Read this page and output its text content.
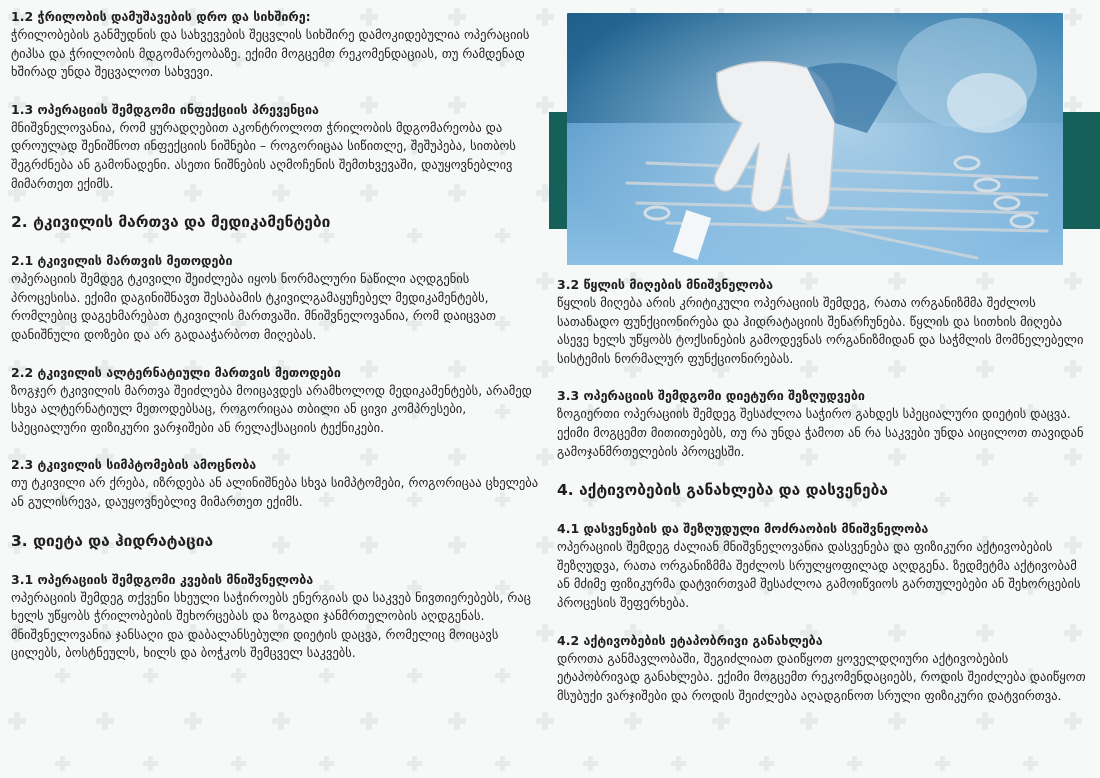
1.2 ჭრილობის დამუშავების დრო და სიხშირე:

ჭრილობების განმუდნის და სახვევების შეცვლის სიხშირე დამოკიდებულია ოპერაციის ტიპსა და ჭრილობის მდგომარეობაზე. ექიმი მოგცემთ რეკომენდაციას, თუ რამდენად ხშირად უნდა შეცვალოთ სახვევი.

1.3 ოპერაციის შემდგომი ინფექციის პრევენცია

მნიშვნელოვანია, რომ ყურადღებით აკონტროლოთ ჭრილობის მდგომარეობა და დროულად შენიშნოთ ინფექციის ნიშნები – როგორიცაა სიწითლე, შეშუპება, სითბოს შეგრძნება ან გამონადენი. ასეთი ნიშნების აღმოჩენის შემთხვევაში, დაუყოვნებლივ მიმართეთ ექიმს.

2. ტკივილის მართვა და მედიკამენტები

2.1 ტკივილის მართვის მეთოდები

ოპერაციის შემდეგ ტკივილი შეიძლება იყოს ნორმალური ნაწილი აღდგენის პროცესისა. ექიმი დაგინიშნავთ შესაბამის ტკივილგამაყუჩებელ მედიკამენტებს, რომლებიც დაგეხმარებათ ტკივილის მართვაში. მნიშვნელოვანია, რომ დაიცვათ დანიშნული დოზები და არ გადააჭარბოთ მიღებას.

2.2 ტკივილის ალტერნატიული მართვის მეთოდები

ზოგჯერ ტკივილის მართვა შეიძლება მოიცავდეს არამხოლოდ მედიკამენტებს, არამედ სხვა ალტერნატიულ მეთოდებსაც, როგორიცაა თბილი ან ცივი კომპრესები, სპეციალური ფიზიკური ვარჯიშები ან რელაქსაციის ტექნიკები.

2.3 ტკივილის სიმპტომების ამოცნობა

თუ ტკივილი არ ქრება, იზრდება ან ალინიშნება სხვა სიმპტომები, როგორიცაა ცხელება ან გულისრევა, დაუყოვნებლივ მიმართეთ ექიმს.

3. დიეტა და ჰიდრატაცია

3.1 ოპერაციის შემდგომი კვების მნიშვნელობა

ოპერაციის შემდეგ თქვენი სხეული საჭიროებს ენერგიას და საკვებ ნივთიერებებს, რაც ხელს უწყობს ჭრილობების შეხორცებას და ზოგადი ჯანმრთელობის აღდგენას. მნიშვნელოვანია ჯანსაღი და დაბალანსებული დიეტის დაცვა, რომელიც მოიცავს ცილებს, ბოსტნეულს, ხილს და ბოჭკოს შემცველ საკვებს.

3.2 წყლის მიღების მნიშვნელობა

წყლის მიღება არის კრიტიკული ოპერაციის შემდეგ, რათა ორგანიზმმა შეძლოს სათანადო ფუნქციონირება და ჰიდრატაციის შენარჩუნება. წყლის და სითხის მიღება ასევე ხელს უწყობს ტოქსინების გამოდევნას ორგანიზმიდან და საჭმლის მომნელებელი სისტემის ნორმალურ ფუნქციონირებას.

3.3 ოპერაციის შემდგომი დიეტური შეზღუდვები

ზოგიერთი ოპერაციის შემდეგ შესაძლოა საჭირო გახდეს სპეციალური დიეტის დაცვა. ექიმი მოგცემთ მითითებებს, თუ რა უნდა ჭამოთ ან რა საკვები უნდა აიცილოთ თავიდან გამოჯანმრთელების პროცესში.

4. აქტივობების განახლება და დასვენება

4.1 დასვენების და შეზღუდული მოძრაობის მნიშვნელობა

ოპერაციის შემდეგ ძალიან მნიშვნელოვანია დასვენება და ფიზიკური აქტივობების შეზღუდვა, რათა ორგანიზმმა შეძლოს სრულყოფილად აღდგენა. ზედმეტმა აქტივობამ ან მძიმე ფიზიკურმა დატვირთვამ შესაძლოა გამოიწვიოს გართულებები ან შეხორცების პროცესის შეფერხება.

4.2 აქტივობების ეტაპობრივი განახლება

დროთა განმავლობაში, შეგიძლიათ დაიწყოთ ყოველდღიური აქტივობების ეტაპობრივად განახლება. ექიმი მოგცემთ რეკომენდაციებს, როდის შეიძლება დაიწყოთ მსუბუქი ვარჯიშები და როდის შეიძლება აღადგინოთ სრული ფიზიკური დატვირთვა.
